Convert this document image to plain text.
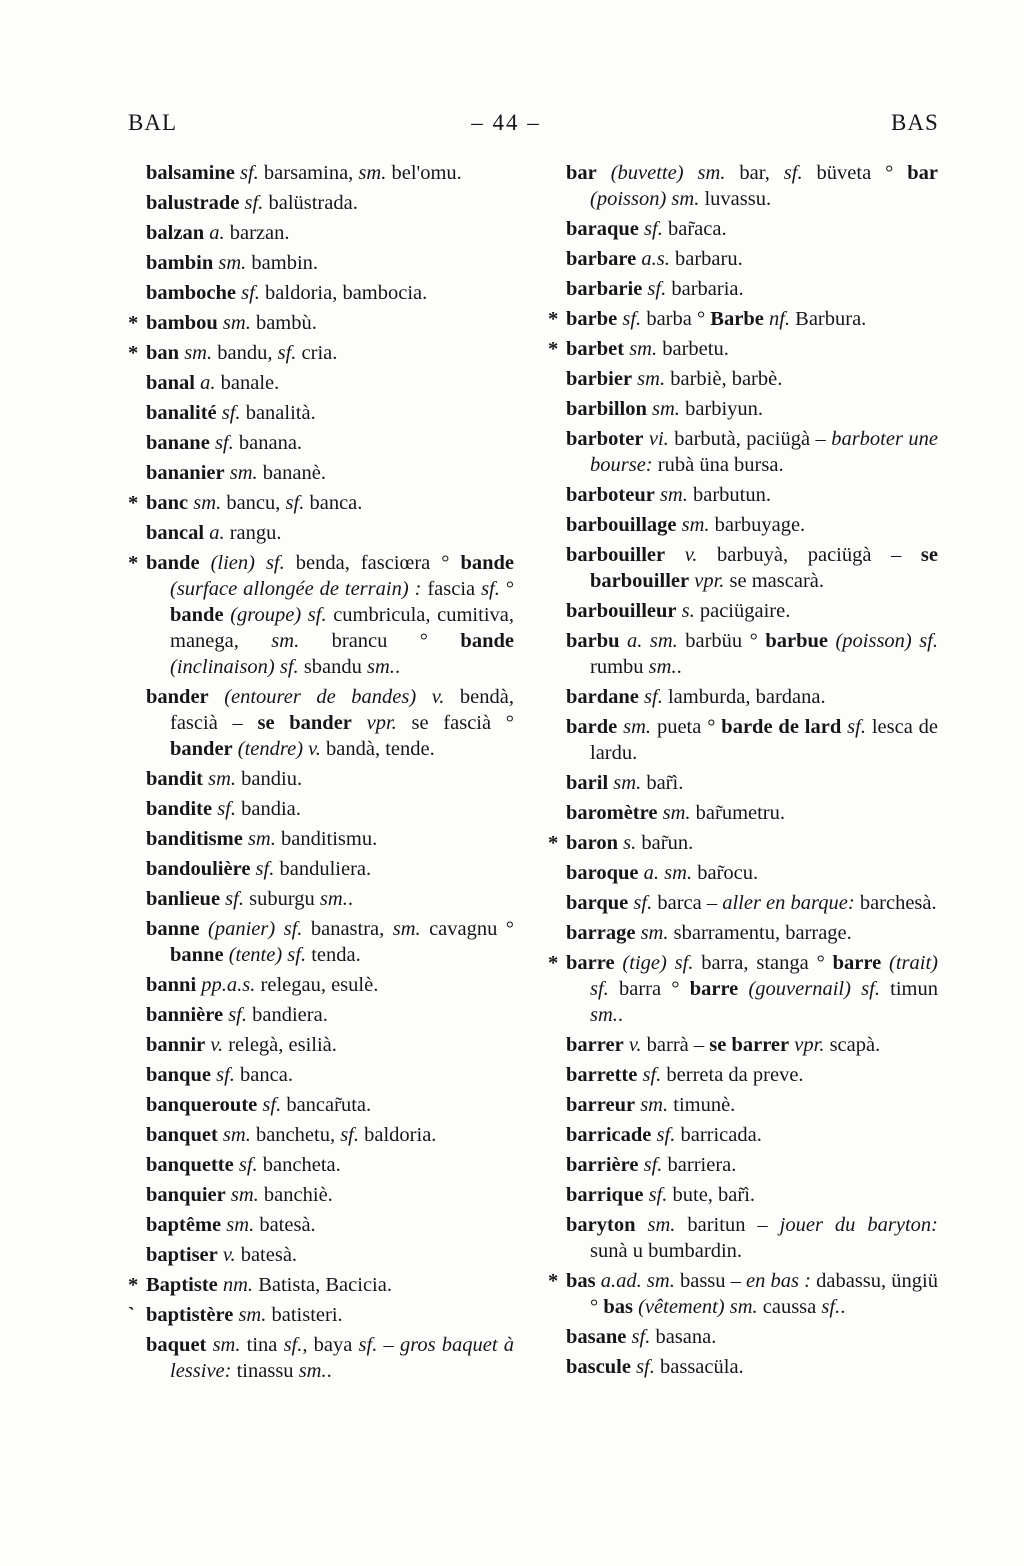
BAL	– 44 –	BAS

balsamine sf. barsamina, sm. bel'omu.

balustrade sf. balüstrada.

balzan a. barzan.

bambin sm. bambin.

bamboche sf. baldoria, bambocia.

* bambou sm. bambù.

* ban sm. bandu, sf. cria.

banal a. banale.

banalité sf. banalità.

banane sf. banana.

bananier sm. bananè.

* banc sm. bancu, sf. banca.

bancal a. rangu.

* bande (lien) sf. benda, fasciœra ° bande (surface allongée de terrain) : fascia sf. ° bande (groupe) sf. cumbricula, cumitiva, manega, sm. brancu ° bande (inclinaison) sf. sbandu sm..

bander (entourer de bandes) v. bendà, fascià – se bander vpr. se fascià ° bander (tendre) v. bandà, tende.

bandit sm. bandiu.

bandite sf. bandia.

banditisme sm. banditismu.

bandoulière sf. banduliera.

banlieue sf. suburgu sm..

banne (panier) sf. banastra, sm. cavagnu ° banne (tente) sf. tenda.

banni pp.a.s. relegau, esulè.

bannière sf. bandiera.

bannir v. relegà, esilià.

banque sf. banca.

banqueroute sf. bancar̃uta.

banquet sm. banchetu, sf. baldoria.

banquette sf. bancheta.

banquier sm. banchiè.

baptême sm. batesà.

baptiser v. batesà.

* Baptiste nm. Batista, Bacicia.

ˋ baptistère sm. batisteri.

baquet sm. tina sf., baya sf. – gros baquet à lessive: tinassu sm..

bar (buvette) sm. bar, sf. büveta ° bar (poisson) sm. luvassu.

baraque sf. bar̃aca.

barbare a.s. barbaru.

barbarie sf. barbaria.

* barbe sf. barba ° Barbe nf. Barbura.

* barbet sm. barbetu.

barbier sm. barbiè, barbè.

barbillon sm. barbiyun.

barboter vi. barbutà, paciügà – barboter une bourse: rubà üna bursa.

barboteur sm. barbutun.

barbouillage sm. barbuyage.

barbouiller v. barbuyà, paciügà – se barbouiller vpr. se mascarà.

barbouilleur s. paciügaire.

barbu a. sm. barbüu ° barbue (poisson) sf. rumbu sm..

bardane sf. lamburda, bardana.

barde sm. pueta ° barde de lard sf. lesca de lardu.

baril sm. bar̃ì.

baromètre sm. bar̃umetru.

* baron s. bar̃un.

baroque a. sm. bar̃ocu.

barque sf. barca – aller en barque: barchesà.

barrage sm. sbarramentu, barrage.

* barre (tige) sf. barra, stanga ° barre (trait) sf. barra ° barre (gouvernail) sf. timun sm..

barrer v. barrà – se barrer vpr. scapà.

barrette sf. berreta da preve.

barreur sm. timunè.

barricade sf. barricada.

barrière sf. barriera.

barrique sf. bute, bar̃ì.

baryton sm. baritun – jouer du baryton: sunà u bumbardin.

* bas a.ad. sm. bassu – en bas : dabassu, üngiü ° bas (vêtement) sm. caussa sf..

basane sf. basana.

bascule sf. bassacüla.
